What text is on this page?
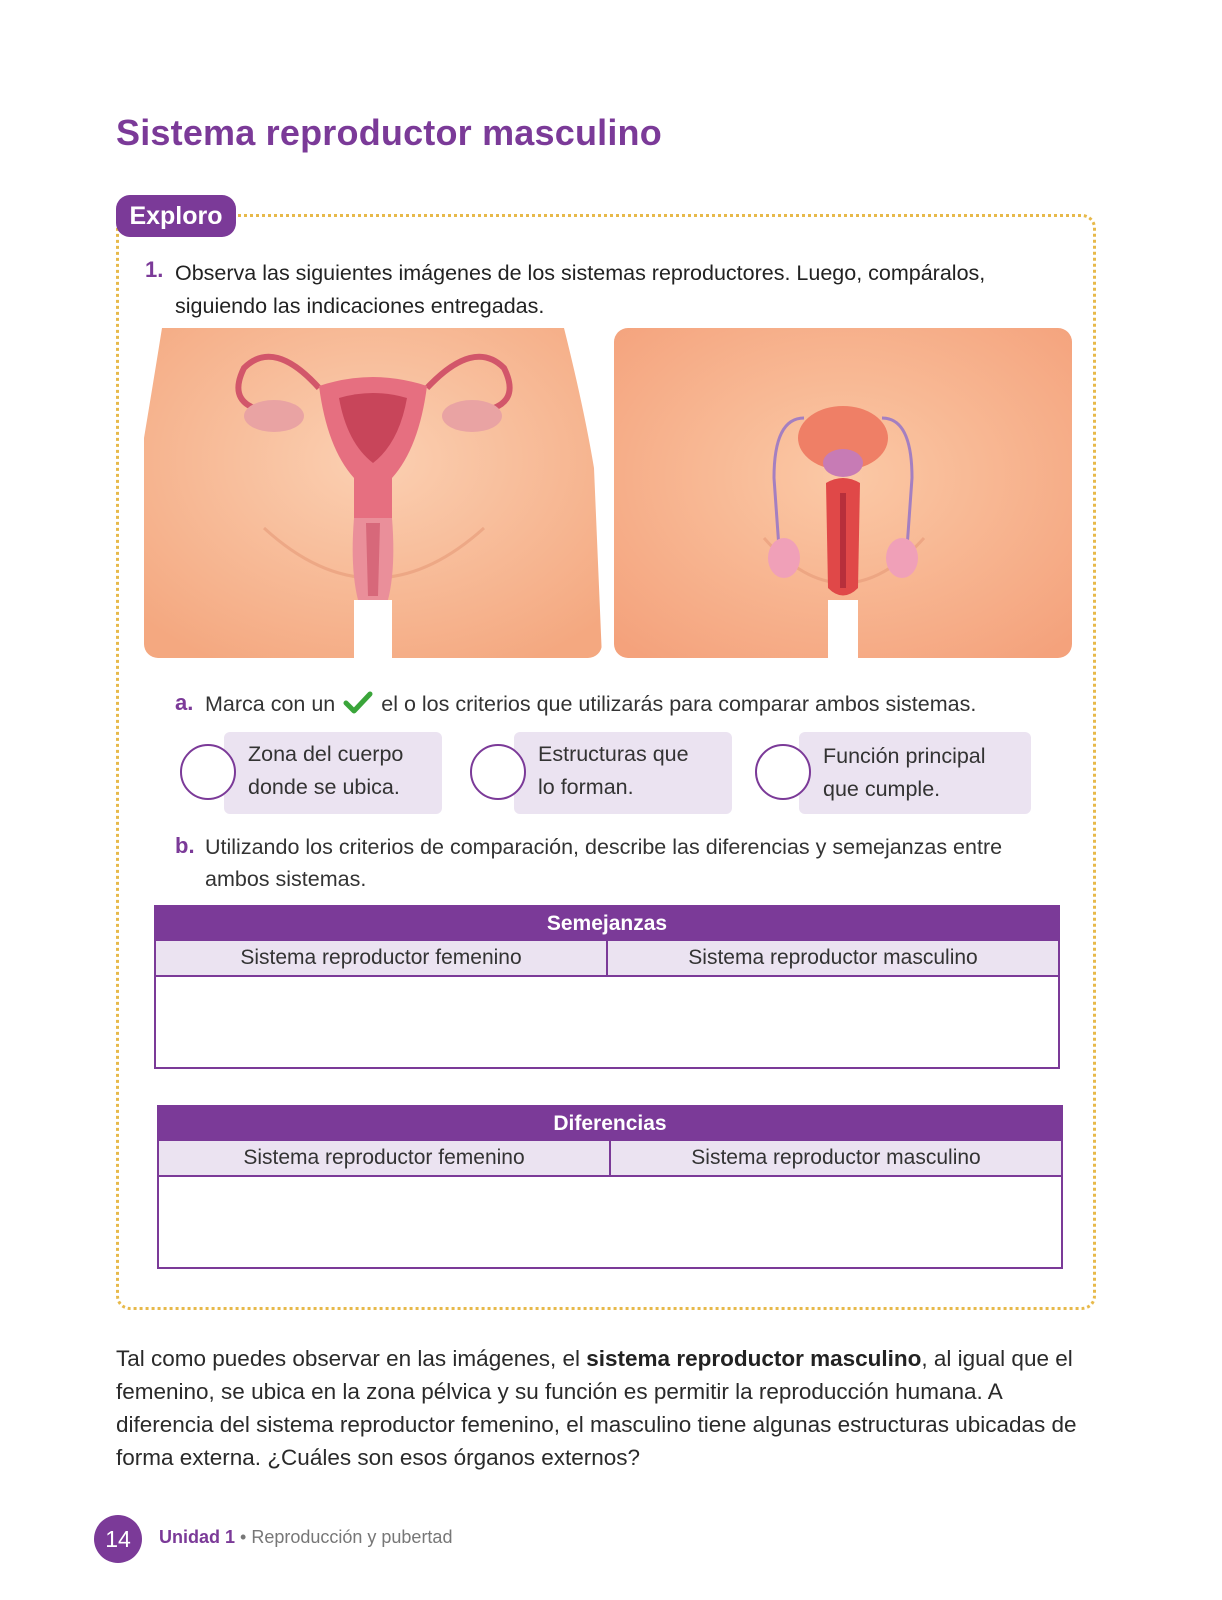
Sistema reproductor masculino
Exploro
1. Observa las siguientes imágenes de los sistemas reproductores. Luego, compáralos, siguiendo las indicaciones entregadas.
a. Marca con un el o los criterios que utilizarás para comparar ambos sistemas.
Zona del cuerpo
donde se ubica.
Estructuras que
lo forman.
Función principal
que cumple.
b. Utilizando los criterios de comparación, describe las diferencias y semejanzas entre
ambos sistemas.
Semejanzas
Sistema reproductor femenino	Sistema reproductor masculino
Diferencias
Sistema reproductor femenino	Sistema reproductor masculino

Tal como puedes observar en las imágenes, el sistema reproductor masculino, al igual que el femenino, se ubica en la zona pélvica y su función es permitir la reproducción humana. A diferencia del sistema reproductor femenino, el masculino tiene algunas estructuras ubicadas de forma externa. ¿Cuáles son esos órganos externos?

14	Unidad 1 • Reproducción y pubertad
